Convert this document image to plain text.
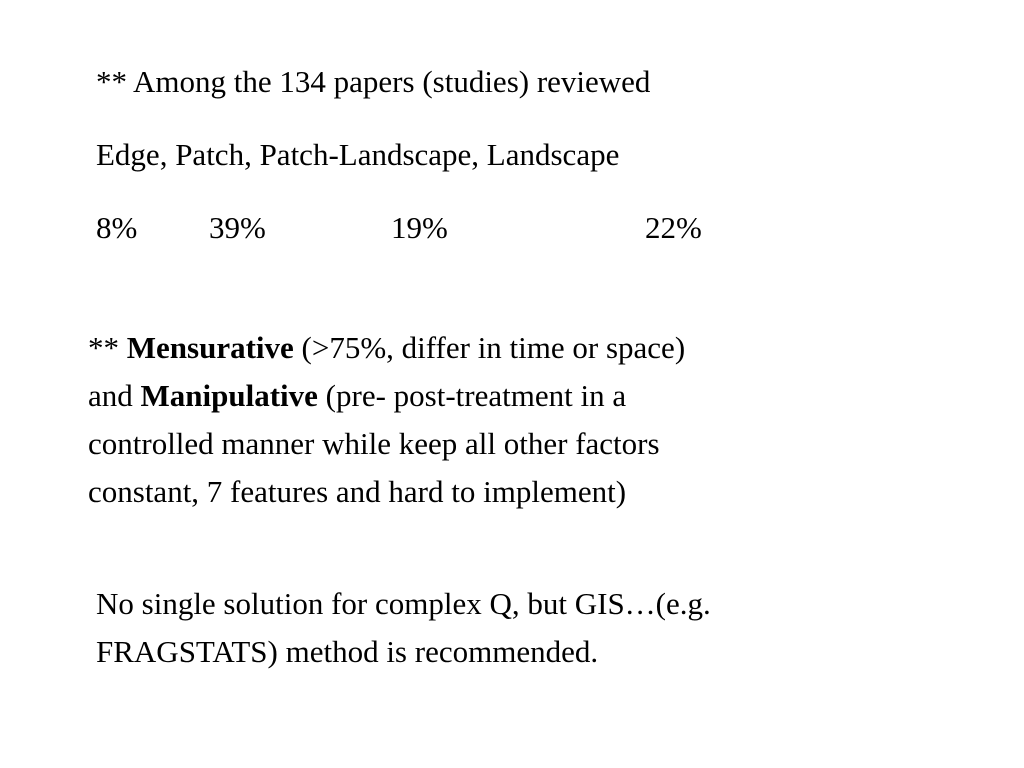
** Among the 134 papers (studies) reviewed
Edge, Patch, Patch-Landscape, Landscape
8% 39%	19%	22%
** Mensurative (>75%, differ in time or space)
and Manipulative (pre- post-treatment in a
controlled manner while keep all other factors
constant, 7 features and hard to implement)
No single solution for complex Q, but GIS…(e.g.
FRAGSTATS) method is recommended.
